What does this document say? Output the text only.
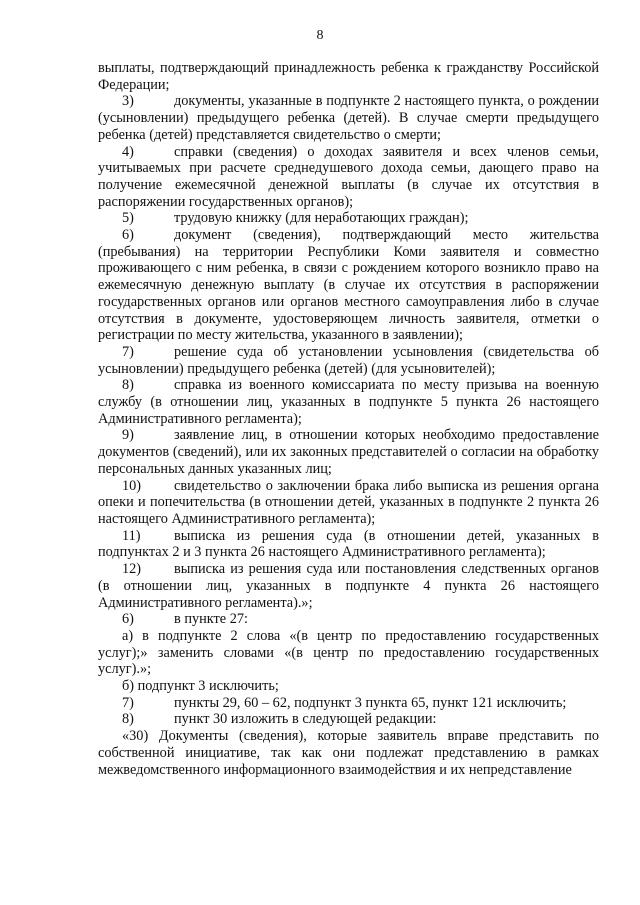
8

выплаты, подтверждающий принадлежность ребенка к гражданству Российской Федерации;

3)	документы, указанные в подпункте 2 настоящего пункта, о рождении (усыновлении) предыдущего ребенка (детей). В случае смерти предыдущего ребенка (детей) представляется свидетельство о смерти;

4)	справки (сведения) о доходах заявителя и всех членов семьи, учитываемых при расчете среднедушевого дохода семьи, дающего право на получение ежемесячной денежной выплаты (в случае их отсутствия в распоряжении государственных органов);

5)	трудовую книжку (для неработающих граждан);

6)	документ (сведения), подтверждающий место жительства (пребывания) на территории Республики Коми заявителя и совместно проживающего с ним ребенка, в связи с рождением которого возникло право на ежемесячную денежную выплату (в случае их отсутствия в распоряжении государственных органов или органов местного самоуправления либо в случае отсутствия в документе, удостоверяющем личность заявителя, отметки о регистрации по месту жительства, указанного в заявлении);

7)	решение суда об установлении усыновления (свидетельства об усыновлении) предыдущего ребенка (детей) (для усыновителей);

8)	справка из военного комиссариата по месту призыва на военную службу (в отношении лиц, указанных в подпункте 5 пункта 26 настоящего Административного регламента);

9)	заявление лиц, в отношении которых необходимо предоставление документов (сведений), или их законных представителей о согласии на обработку персональных данных указанных лиц;

10) свидетельство о заключении брака либо выписка из решения органа опеки и попечительства (в отношении детей, указанных в подпункте 2 пункта 26 настоящего Административного регламента);

11) выписка из решения суда (в отношении детей, указанных в подпунктах 2 и 3 пункта 26 настоящего Административного регламента);

12) выписка из решения суда или постановления следственных органов (в отношении лиц, указанных в подпункте 4 пункта 26 настоящего Административного регламента).»;

6)	в пункте 27:

а) в подпункте 2 слова «(в центр по предоставлению государственных услуг);» заменить словами «(в центр по предоставлению государственных услуг).»;

б) подпункт 3 исключить;

7)	пункты 29, 60 – 62, подпункт 3 пункта 65, пункт 121 исключить;

8)	пункт 30 изложить в следующей редакции:

«30) Документы (сведения), которые заявитель вправе представить по собственной инициативе, так как они подлежат представлению в рамках межведомственного информационного взаимодействия и их непредставление
